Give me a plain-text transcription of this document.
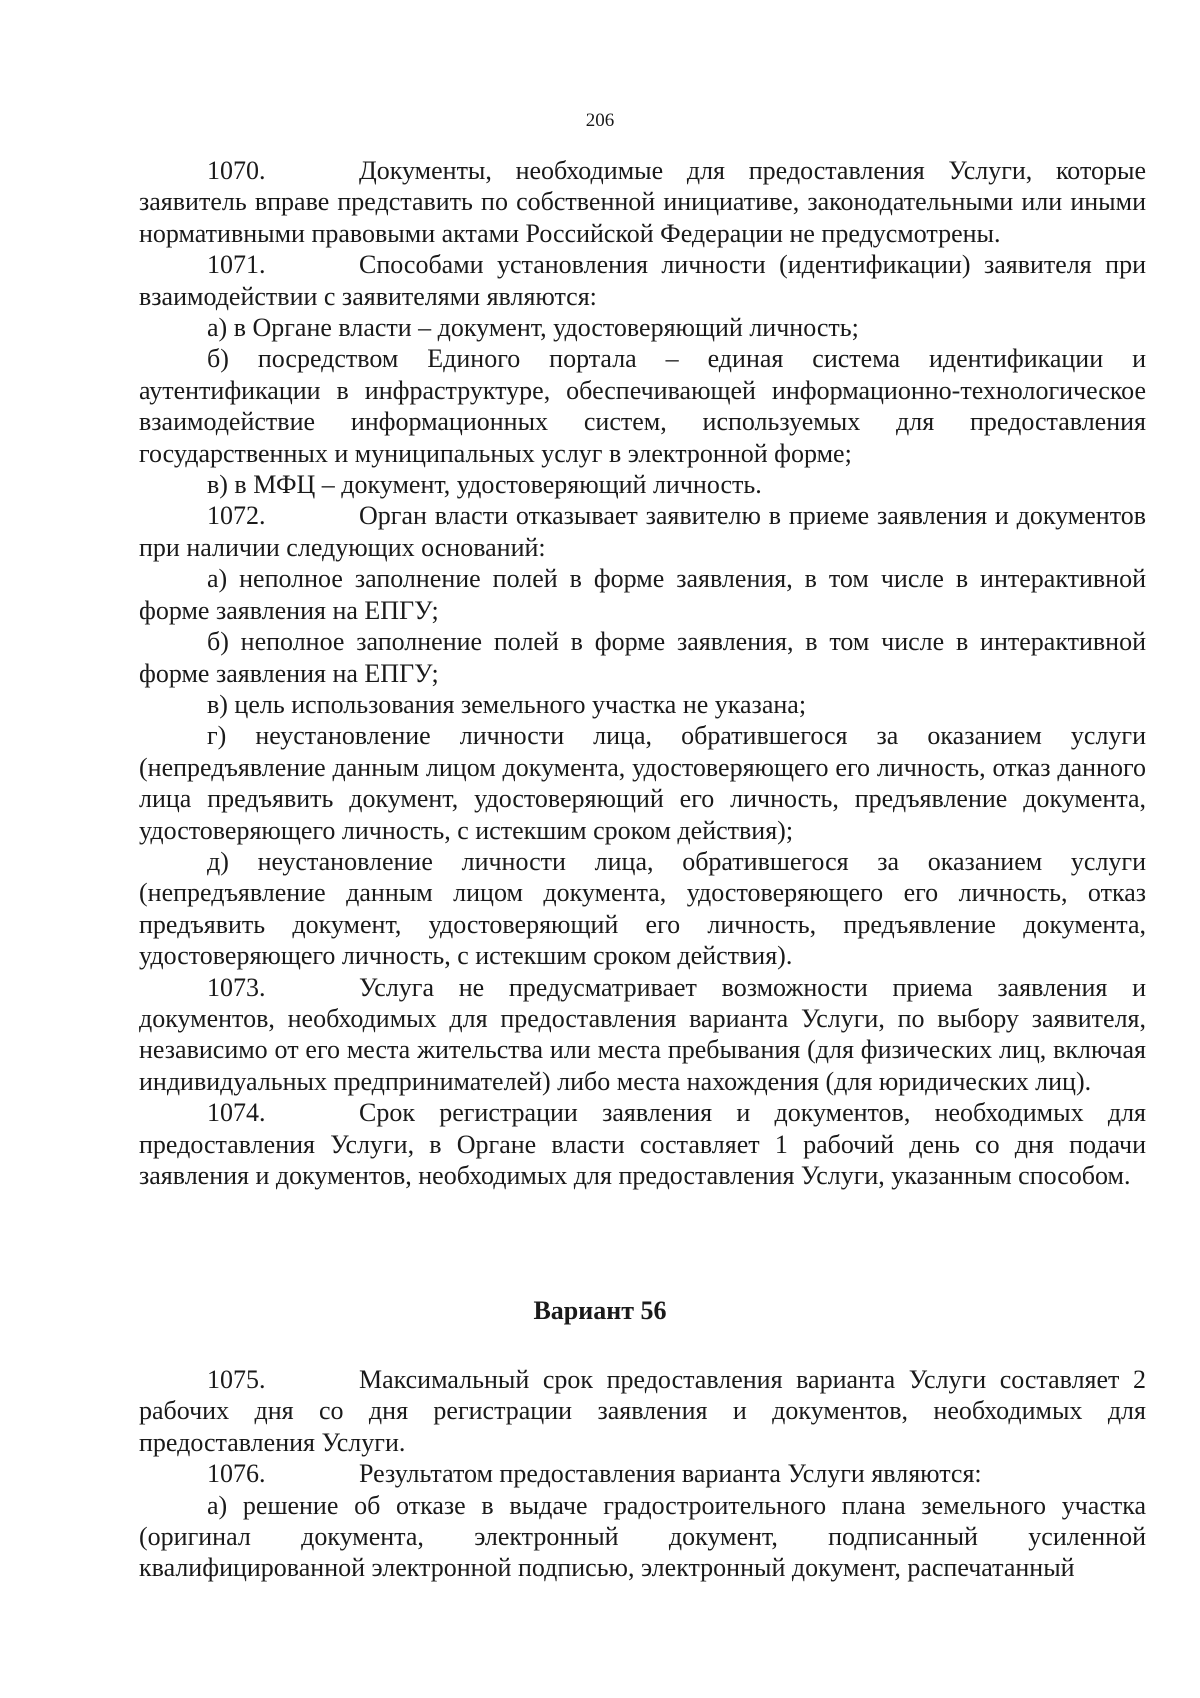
206

1070.	Документы, необходимые для предоставления Услуги, которые заявитель вправе представить по собственной инициативе, законодательными или иными нормативными правовыми актами Российской Федерации не предусмотрены.

1071.	Способами установления личности (идентификации) заявителя при взаимодействии с заявителями являются:

а) в Органе власти – документ, удостоверяющий личность;

б) посредством Единого портала – единая система идентификации и аутентификации в инфраструктуре, обеспечивающей информационно-технологическое взаимодействие информационных систем, используемых для предоставления государственных и муниципальных услуг в электронной форме;

в) в МФЦ – документ, удостоверяющий личность.

1072.	Орган власти отказывает заявителю в приеме заявления и документов при наличии следующих оснований:

а) неполное заполнение полей в форме заявления, в том числе в интерактивной форме заявления на ЕПГУ;

б) неполное заполнение полей в форме заявления, в том числе в интерактивной форме заявления на ЕПГУ;

в) цель использования земельного участка не указана;

г) неустановление личности лица, обратившегося за оказанием услуги (непредъявление данным лицом документа, удостоверяющего его личность, отказ данного лица предъявить документ, удостоверяющий его личность, предъявление документа, удостоверяющего личность, с истекшим сроком действия);

д) неустановление личности лица, обратившегося за оказанием услуги (непредъявление данным лицом документа, удостоверяющего его личность, отказ предъявить документ, удостоверяющий его личность, предъявление документа, удостоверяющего личность, с истекшим сроком действия).

1073.	Услуга не предусматривает возможности приема заявления и документов, необходимых для предоставления варианта Услуги, по выбору заявителя, независимо от его места жительства или места пребывания (для физических лиц, включая индивидуальных предпринимателей) либо места нахождения (для юридических лиц).

1074.	Срок регистрации заявления и документов, необходимых для предоставления Услуги, в Органе власти составляет 1 рабочий день со дня подачи заявления и документов, необходимых для предоставления Услуги, указанным способом.

Вариант 56

1075.	Максимальный срок предоставления варианта Услуги составляет 2 рабочих дня со дня регистрации заявления и документов, необходимых для предоставления Услуги.

1076.	Результатом предоставления варианта Услуги являются:

а) решение об отказе в выдаче градостроительного плана земельного участка (оригинал документа, электронный документ, подписанный усиленной квалифицированной электронной подписью, электронный документ, распечатанный
